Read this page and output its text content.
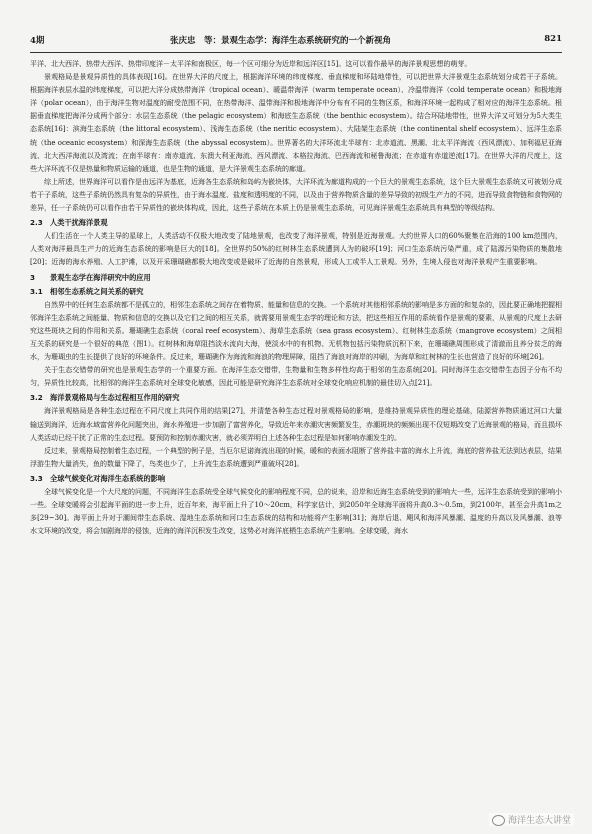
4期	张庆忠　等：景观生态学：海洋生态系统研究的一个新视角	821

平洋、北大西洋、热带大西洋、热带印度洋－太平洋和南极区，每一个区可细分为近岸和远洋区[15]。这可以看作最早的海洋景观思想的萌芽。

景观格局是景观异质性的具体表现[16]。在世界大洋的尺度上，根据海洋环境的纬度梯度、垂直梯度和环陆地带性，可以把世界大洋景观生态系统划分成若干子系统。根据海洋表层水温的纬度梯度，可以把大洋分成热带海洋（tropical ocean）、暖温带海洋（warm temperate ocean）、冷温带海洋（cold temperate ocean）和极地海洋（polar ocean），由于海洋生物对温度的耐受范围不同，在热带海洋、温带海洋和极地海洋中分布有不同的生物区系，和海洋环境一起构成了相对应的海洋生态系统。根据垂直梯度把海洋分成两个部分：水层生态系统（the pelagic ecosystem）和海底生态系统（the benthic ecosystem）。结合环陆地带性，世界大洋又可划分为5大类生态系统[16]：滨海生态系统（the littoral ecosystem）、浅海生态系统（the neritic ecosystem）、大陆架生态系统（the continental shelf ecosystem）、远洋生态系统（the oceanic ecosystem）和深海生态系统（the abyssal ecosystem）。世界著名的大洋环流北半球有：北赤道流、黑潮、北太平洋海流（西风漂流）、加利福尼亚海流、北大西洋海流以及湾流；在南半球有：南赤道流、东澳大利亚海流、西风漂流、本格拉海流、巴西海流和秘鲁海流；在赤道有赤道逆流[17]。在世界大洋的尺度上，这些大洋环流不仅是热量和物质运输的通道，也是生物的通道，是大洋景观生态系统的廊道。

综上所述，世界海洋可以看作是由远洋为基底，近海各生态系统和岛屿为嵌块体，大洋环流为廊道构成的一个巨大的景观生态系统，这个巨大景观生态系统又可被划分成若干子系统，这些子系统仍然具有复杂的异质性，由于海水温度、盐度和透明度的不同，以及由于营养物质含量的差异导致的初级生产力的不同，进而导致食物链和食物网的差异，任一子系统仍可以看作由若干异质性的嵌块体构成，因此，这些子系统在本质上仍是景观生态系统，可见海洋景观生态系统具有典型的等级结构。

2.3 人类干扰海洋景观

人们生活在一个人类主导的星球上，人类活动不仅极大地改变了陆地景观，也改变了海洋景观，特别是近海景观。大约世界人口的60%聚集在沿海的100 km范围内，人类对海洋最具生产力的近海生态系统的影响是巨大的[18]。全世界约50%的红树林生态系统遭到人为的破坏[19]；河口生态系统污染严重，成了陆源污染物质的集散地[20]；近海的海水养殖、人工护滩，以及开采珊瑚礁都极大地改变或是破坏了近海的自然景观，形成人工或半人工景观。另外，生境人侵也对海洋景观产生重要影响。

3 景观生态学在海洋研究中的应用
3.1 相邻生态系统之间关系的研究

自然界中的任何生态系统都不是孤立的，相邻生态系统之间存在着物质、能量和信息的交换。一个系统对其他相邻系统的影响是多方面的和复杂的，因此要正确地把握相邻海洋生态系统之间能量、物质和信息的交换以及它们之间的相互关系，就需要用景观生态学的理论和方法，把这些相互作用的系统看作是景观的要素，从景观的尺度上去研究这些斑块之间的作用和关系。珊瑚礁生态系统（coral reef ecosystem）、海草生态系统（sea grass ecosystem）、红树林生态系统（mangrove ecosystem）之间相互关系的研究是一个很好的典范（图1）。红树林和海草阻挡淡水流向大海，使淡水中的有机物、无机物包括污染物质沉积下来，在珊瑚礁周围形成了清澈而且养分贫乏的海水，为珊瑚虫的生长提供了良好的环境条件。反过来，珊瑚礁作为海流和海浪的物理屏障，阻挡了海浪对海岸的冲刷，为海草和红树林的生长也营造了良好的环境[26]。

关于生态交错带的研究也是景观生态学的一个重要方面。在海洋生态交错带，生物量和生物多样性均高于相邻的生态系统[20]。同时海洋生态交错带生态因子分布不均匀，异质性比较高，比相邻的海洋生态系统对全球变化敏感，因此可能是研究海洋生态系统对全球变化响应机制的最佳切入点[21]。

3.2 海洋景观格局与生态过程相互作用的研究

海洋景观格局是各种生态过程在不同尺度上共同作用的结果[27]，并清楚各种生态过程对景观格局的影响，是维持景观异质性的理论基础，陆源营养物质通过河口大量输送到海洋，近海水域富营养化问题突出，海水养殖进一步加剧了富营养化，导致近年来赤潮灾害频繁发生，赤潮斑块的频频出现不仅短期改变了近海景观的格局，而且损坏人类活动已经干扰了正常的生态过程。要预防和控制赤潮灾害，就必须弄明白上述各种生态过程是如何影响赤潮发生的。

反过来，景观格局控制着生态过程，一个典型的例子是，当厄尔尼诺海流出现的时候，暖和的表面水阻断了营养盐丰富的海水上升流，海底的营养盐无法到达表层，结果浮游生物大量消失，鱼的数量下降了，鸟类也少了，上升流生态系统遭到严重破坏[28]。

3.3 全球气候变化对海洋生态系统的影响

全球气候变化是一个大尺度的问题，不同海洋生态系统受全球气候变化的影响程度不同，总的说来，沿岸和近海生态系统受到的影响大一些，远洋生态系统受到的影响小一些。全球变暖将会引起海平面的进一步上升，近百年来，海平面上升了10～20cm，科学家估计，到2050年全球海平面将升高0.3～0.5m，到2100年，甚至会升高1m之多[29~30]。海平面上升对于潮间带生态系统、湿地生态系统和河口生态系统的结构和功能将产生影响[31]；海岸后退、飓风和海洋风暴潮、温度的升高以及风暴潮、浪等水文环境的改变，将会加剧海岸的侵蚀，近海的海洋沉积发生改变，这势必对海洋底栖生态系统产生影响。全球变暖，海水

海洋生态大讲堂
